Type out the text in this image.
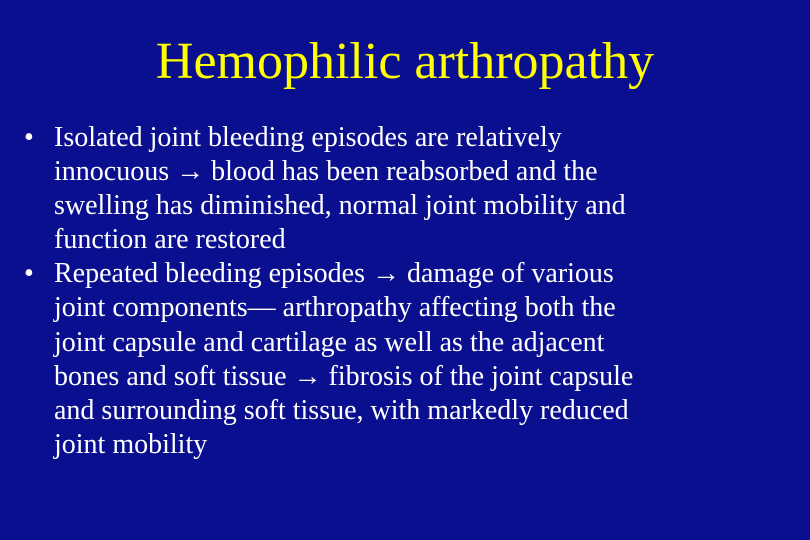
Hemophilic arthropathy
• Isolated joint bleeding episodes are relatively
innocuous → blood has been reabsorbed and the
swelling has diminished, normal joint mobility and
function are restored
• Repeated bleeding episodes → damage of various
joint components— arthropathy affecting both the
joint capsule and cartilage as well as the adjacent
bones and soft tissue → fibrosis of the joint capsule
and surrounding soft tissue, with markedly reduced
joint mobility
